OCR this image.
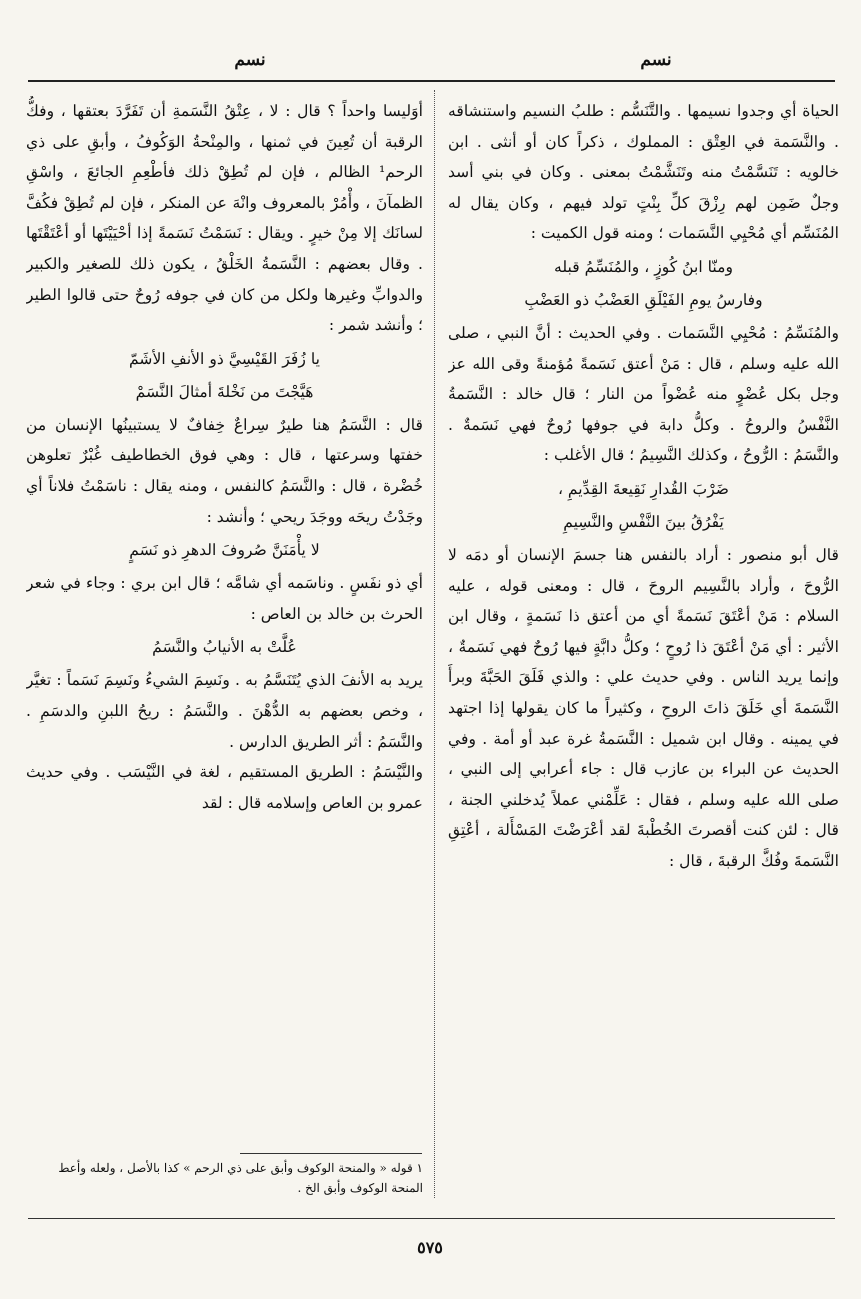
نسم
نسم

الحياة أي وجدوا نسيمها . والتَّنَسُّم : طلبُ النسيم واستنشاقه . والنَّسَمة في العِتْق : المملوك ، ذكراً كان أو أنثى . ابن خالويه : تَنَسَّمْتُ منه وتَنَشَّمْتُ بمعنى . وكان في بني أسد وجلٌ ضَمِن لهم رِزْقَ كلِّ بِنْتٍ تولد فيهم ، وكان يقال له المُنَسِّم أي مُحْيِي النَّسَمات ؛ ومنه قول الكميت :

ومنّا ابنُ كُوزٍ ، والمُنَسِّمُ قبله
وفارسُ يومِ الفَيْلَقِ العَضْبُ ذو العَضْبِ

والمُنَسِّمُ : مُحْيِي النَّسَمات . وفي الحديث : أنَّ النبي ، صلى الله عليه وسلم ، قال : مَنْ أعتق نَسَمةً مُؤمنةً وقى الله عز وجل بكل عُضْوٍ منه عُضْواً من النار ؛ قال خالد : النَّسَمةُ النَّفْسُ والروحُ . وكلُّ دابة في جوفها رُوحٌ فهي نَسَمةٌ . والنَّسَمُ : الرُّوحُ ، وكذلك النَّسِيمُ ؛ قال الأغلب :

ضَرْبَ القُدارِ نَقِيعةَ القِدِّيمِ ،
يَفْرُقُ بينَ النَّفْسِ والنَّسِيمِ

قال أبو منصور : أراد بالنفس هنا جسمَ الإنسان أو دمَه لا الرُّوحَ ، وأراد بالنَّسِيم الروحَ ، قال : ومعنى قوله ، عليه السلام : مَنْ أعْتَقَ نَسَمةً أي من أعتق ذا نَسَمةٍ ، وقال ابن الأثير : أي مَنْ أعْتَقَ ذا رُوحٍ ؛ وكلُّ دابَّةٍ فيها رُوحٌ فهي نَسَمةٌ ، وإنما يريد الناس . وفي حديث علي : والذي فَلَقَ الحَبَّةَ وبرأَ النَّسَمةَ أي خَلَقَ ذاتَ الروحِ ، وكثيراً ما كان يقولها إذا اجتهد في يمينه . وقال ابن شميل : النَّسَمةُ غرة عبد أو أمة . وفي الحديث عن البراء بن عازب قال : جاء أعرابي إلى النبي ، صلى الله عليه وسلم ، فقال : عَلِّمْني عملاً يُدخلني الجنة ، قال : لئن كنت أقصرتَ الخُطْبةَ لقد أعْرَضْتَ المَسْأَلة ، أعْتِقِ النَّسَمةَ وفُكَّ الرقبةَ ، قال :

أوَليسا واحداً ؟ قال : لا ، عِتْقُ النَّسَمةِ أن تَفَرَّدَ بعتقها ، وفكُّ الرقبة أن تُعِينَ في ثمنها ، والمِنْحةُ الوَكُوفُ ، وأبقِ على ذي الرحم¹ الظالم ، فإن لم تُطِقْ ذلك فأطْعِمِ الجائعَ ، واسْقِ الظمآنَ ، وأْمُرْ بالمعروف وانْهَ عن المنكر ، فإن لم تُطِقْ فكُفَّ لسانَك إلا مِنْ خيرٍ . ويقال : نَسَمْتُ نَسَمةً إذا أحْيَيْتَها أو أعْتَقْتَها . وقال بعضهم : النَّسَمةُ الخَلْقُ ، يكون ذلك للصغير والكبير والدوابِّ وغيرها ولكل من كان في جوفه رُوحٌ حتى قالوا الطير ؛ وأنشد شمر :

يا زُفَرَ القَيْسِيَّ ذو الأنفِ الأشَمّ
هَيَّجْتَ من نَخْلةَ أمثالَ النَّسَمْ

قال : النَّسَمُ هنا طيرٌ سِراعٌ خِفافٌ لا يستبينُها الإنسان من خفتها وسرعتها ، قال : وهي فوق الخطاطيف غُبْرٌ تعلوهن خُضْرة ، قال : والنَّسَمُ كالنفس ، ومنه يقال : ناسَمْتُ فلاناً أي وجَدْتُ ريحَه ووجَدَ ريحي ؛ وأنشد :

لا يأْمَنَنَّ صُروفَ الدهرِ ذو نَسَمٍ

أي ذو نفَسٍ . وناسَمه أي شامَّه ؛ قال ابن بري : وجاء في شعر الحرث بن خالد بن العاص :

عُلَّتْ به الأنيابُ والنَّسَمُ

يريد به الأنفَ الذي يُتَنَسَّمُ به . ونَسِمَ الشيءُ ونَسِمَ نَسَماً : تغيَّر ، وخص بعضهم به الدُّهْنَ . والنَّسَمُ : ريحُ اللبنِ والدسَمِ . والنَّسَمُ : أثر الطريق الدارس .

والنَّيْسَمُ : الطريق المستقيم ، لغة في النَّيْسَب . وفي حديث عمرو بن العاص وإسلامه قال : لقد

١ قوله « والمنحة الوكوف وأبق على ذي الرحم » كذا بالأصل ، ولعله وأعط المنحة الوكوف وأبق الخ .
٥٧٥
